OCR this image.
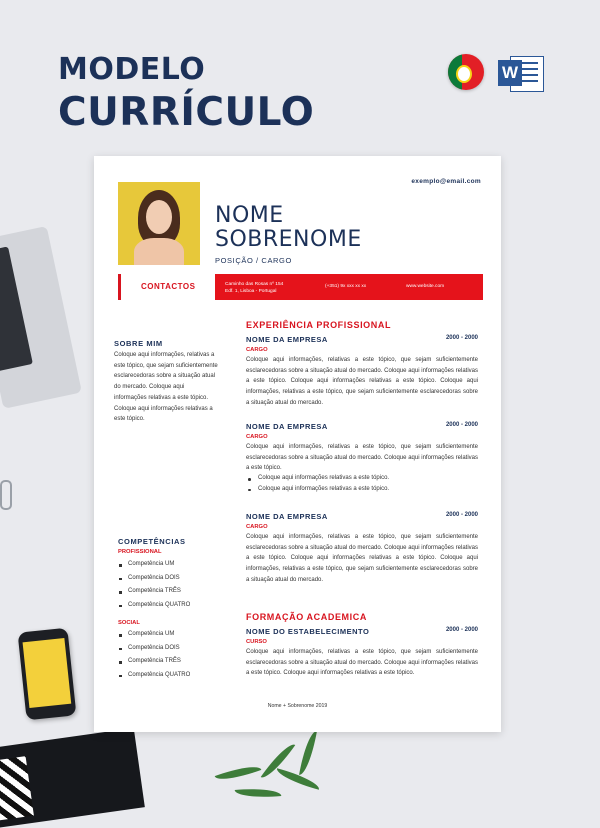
MODELO
CURRÍCULO
W
exemplo@email.com
NOME
SOBRENOME
POSIÇÃO / CARGO
CONTACTOS	Caminho das Rosas nº 154
Edf. 1, Lisboa - Portugal
(+351) 9x xxx xx xx	www.website.com
SOBRE MIM
Coloque aqui informações, relativas a este tópico, que sejam suficientemente esclarecedoras sobre a situação atual do mercado. Coloque aqui informações relativas a este tópico. Coloque aqui informações relativas a este tópico.
COMPETÊNCIAS
PROFISSIONAL
Competência UM
Competência DOIS
Competência TRÊS
Competência QUATRO
SOCIAL
Competência UM
Competência DOIS
Competência TRÊS
Competência QUATRO
EXPERIÊNCIA PROFISSIONAL
NOME DA EMPRESA	2000 - 2000
CARGO
Coloque aqui informações, relativas a este tópico, que sejam suficientemente esclarecedoras sobre a situação atual do mercado. Coloque aqui informações relativas a este tópico. Coloque aqui informações relativas a este tópico. Coloque aqui informações, relativas a este tópico, que sejam suficientemente esclarecedoras sobre a situação atual do mercado.
NOME DA EMPRESA	2000 - 2000
CARGO
Coloque aqui informações, relativas a este tópico, que sejam suficientemente esclarecedoras sobre a situação atual do mercado. Coloque aqui informações relativas a este tópico.
Coloque aqui informações relativas a este tópico.
Coloque aqui informações relativas a este tópico.
NOME DA EMPRESA	2000 - 2000
CARGO
Coloque aqui informações, relativas a este tópico, que sejam suficientemente esclarecedoras sobre a situação atual do mercado. Coloque aqui informações relativas a este tópico. Coloque aqui informações relativas a este tópico. Coloque aqui informações, relativas a este tópico, que sejam suficientemente esclarecedoras sobre a situação atual do mercado.
FORMAÇÃO ACADEMICA
NOME DO ESTABELECIMENTO	2000 - 2000
CURSO
Coloque aqui informações, relativas a este tópico, que sejam suficientemente esclarecedoras sobre a situação atual do mercado. Coloque aqui informações relativas a este tópico. Coloque aqui informações relativas a este tópico.
Nome + Sobrenome 2019
